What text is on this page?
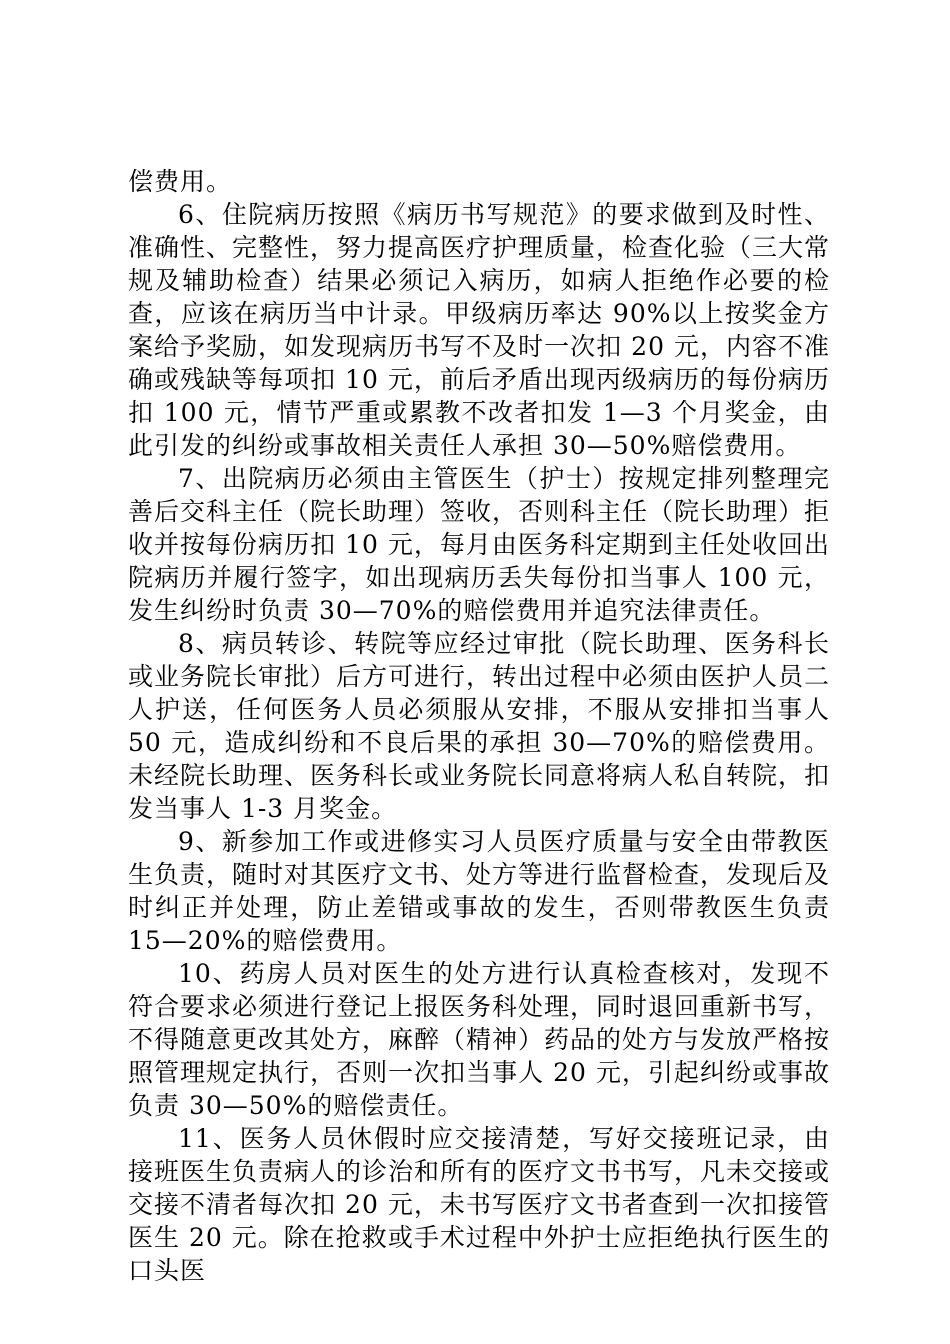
偿费用。

6、住院病历按照《病历书写规范》的要求做到及时性、准确性、完整性，努力提高医疗护理质量，检查化验（三大常规及辅助检查）结果必须记入病历，如病人拒绝作必要的检查，应该在病历当中计录。甲级病历率达 90%以上按奖金方案给予奖励，如发现病历书写不及时一次扣 20 元，内容不准确或残缺等每项扣 10 元，前后矛盾出现丙级病历的每份病历扣 100 元，情节严重或累教不改者扣发 1—3 个月奖金，由此引发的纠纷或事故相关责任人承担 30—50%赔偿费用。

7、出院病历必须由主管医生（护士）按规定排列整理完善后交科主任（院长助理）签收，否则科主任（院长助理）拒收并按每份病历扣 10 元，每月由医务科定期到主任处收回出院病历并履行签字，如出现病历丢失每份扣当事人 100 元，发生纠纷时负责 30—70%的赔偿费用并追究法律责任。

8、病员转诊、转院等应经过审批（院长助理、医务科长或业务院长审批）后方可进行，转出过程中必须由医护人员二人护送，任何医务人员必须服从安排，不服从安排扣当事人 50 元，造成纠纷和不良后果的承担 30—70%的赔偿费用。未经院长助理、医务科长或业务院长同意将病人私自转院，扣发当事人 1-3 月奖金。

9、新参加工作或进修实习人员医疗质量与安全由带教医生负责，随时对其医疗文书、处方等进行监督检查，发现后及时纠正并处理，防止差错或事故的发生，否则带教医生负责 15—20%的赔偿费用。

10、药房人员对医生的处方进行认真检查核对，发现不符合要求必须进行登记上报医务科处理，同时退回重新书写，不得随意更改其处方，麻醉（精神）药品的处方与发放严格按照管理规定执行，否则一次扣当事人 20 元，引起纠纷或事故负责 30—50%的赔偿责任。

11、医务人员休假时应交接清楚，写好交接班记录，由接班医生负责病人的诊治和所有的医疗文书书写，凡未交接或交接不清者每次扣 20 元，未书写医疗文书者查到一次扣接管医生 20 元。除在抢救或手术过程中外护士应拒绝执行医生的口头医
